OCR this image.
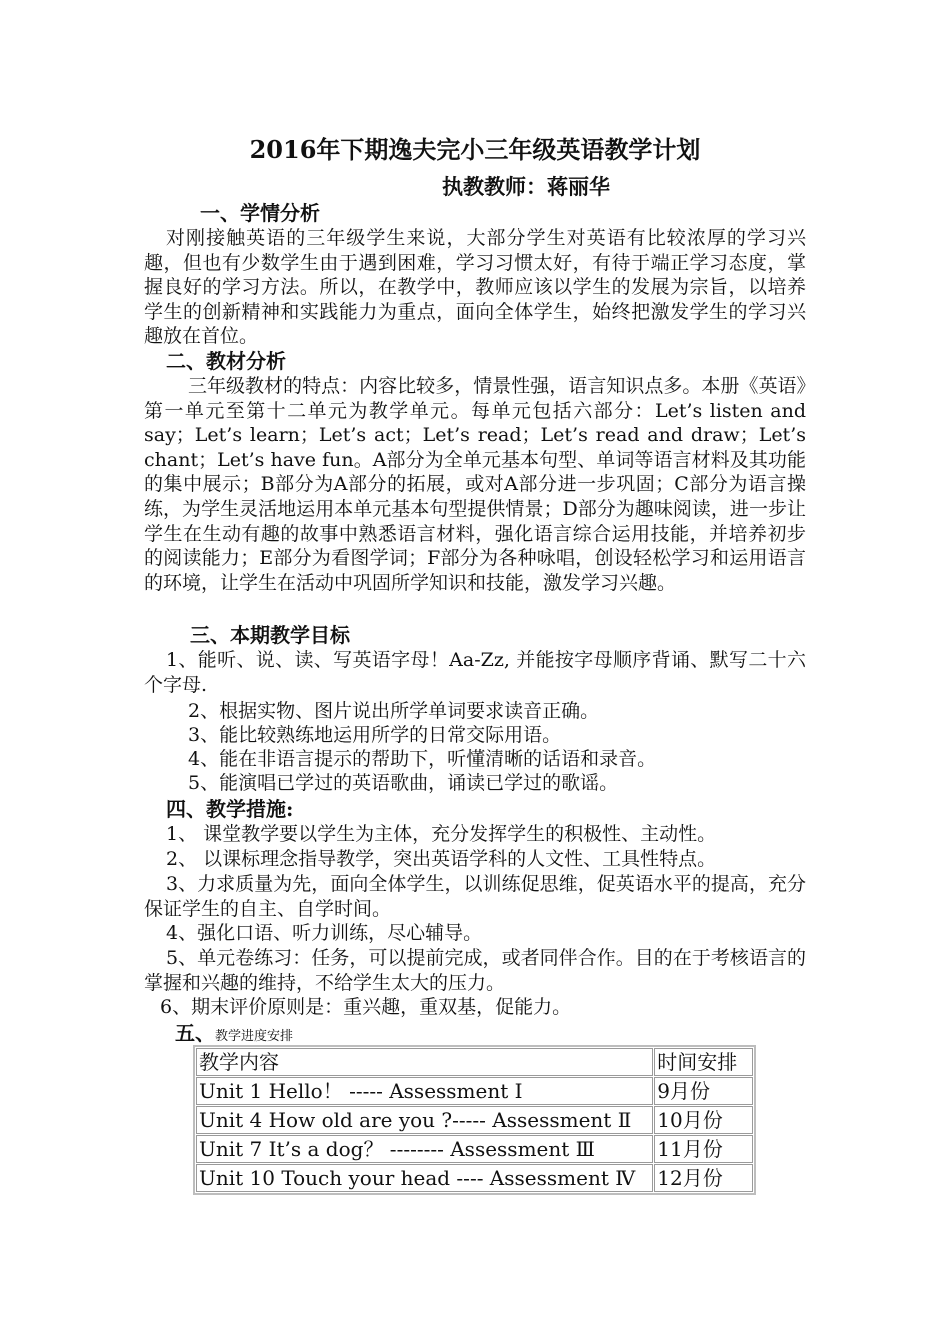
2016年下期逸夫完小三年级英语教学计划
执教教师：蒋丽华
一、学情分析

对刚接触英语的三年级学生来说，大部分学生对英语有比较浓厚的学习兴趣，但也有少数学生由于遇到困难，学习习惯太好，有待于端正学习态度，掌握良好的学习方法。所以，在教学中，教师应该以学生的发展为宗旨，以培养学生的创新精神和实践能力为重点，面向全体学生，始终把激发学生的学习兴趣放在首位。

二、教材分析

三年级教材的特点：内容比较多，情景性强，语言知识点多。本册《英语》第一单元至第十二单元为教学单元。每单元包括六部分：Let’s listen and say；Let’s learn；Let’s act；Let’s read；Let’s read and draw；Let’s chant；Let’s have fun。A部分为全单元基本句型、单词等语言材料及其功能的集中展示；B部分为A部分的拓展，或对A部分进一步巩固；C部分为语言操练，为学生灵活地运用本单元基本句型提供情景；D部分为趣味阅读，进一步让学生在生动有趣的故事中熟悉语言材料，强化语言综合运用技能，并培养初步的阅读能力；E部分为看图学词；F部分为各种咏唱，创设轻松学习和运用语言的环境，让学生在活动中巩固所学知识和技能，激发学习兴趣。

三、本期教学目标

1、能听、说、读、写英语字母！Aa-Zz, 并能按字母顺序背诵、默写二十六个字母.

2、根据实物、图片说出所学单词要求读音正确。
3、能比较熟练地运用所学的日常交际用语。
4、能在非语言提示的帮助下，听懂清晰的话语和录音。
5、能演唱已学过的英语歌曲，诵读已学过的歌谣。
四、教学措施:
1、 课堂教学要以学生为主体，充分发挥学生的积极性、主动性。
2、 以课标理念指导教学，突出英语学科的人文性、工具性特点。

3、力求质量为先，面向全体学生，以训练促思维，促英语水平的提高，充分保证学生的自主、自学时间。

4、强化口语、听力训练，尽心辅导。

5、单元卷练习：任务，可以提前完成，或者同伴合作。目的在于考核语言的掌握和兴趣的维持，不给学生太大的压力。

6、期末评价原则是：重兴趣，重双基，促能力。
五、教学进度安排
教学内容	时间安排
Unit 1 Hello！ ----- Assessment Ⅰ	9月份
Unit 4 How old are you ?----- Assessment Ⅱ	10月份
Unit 7 It’s a dog？ -------- Assessment Ⅲ	11月份
Unit 10 Touch your head ---- Assessment Ⅳ	12月份
